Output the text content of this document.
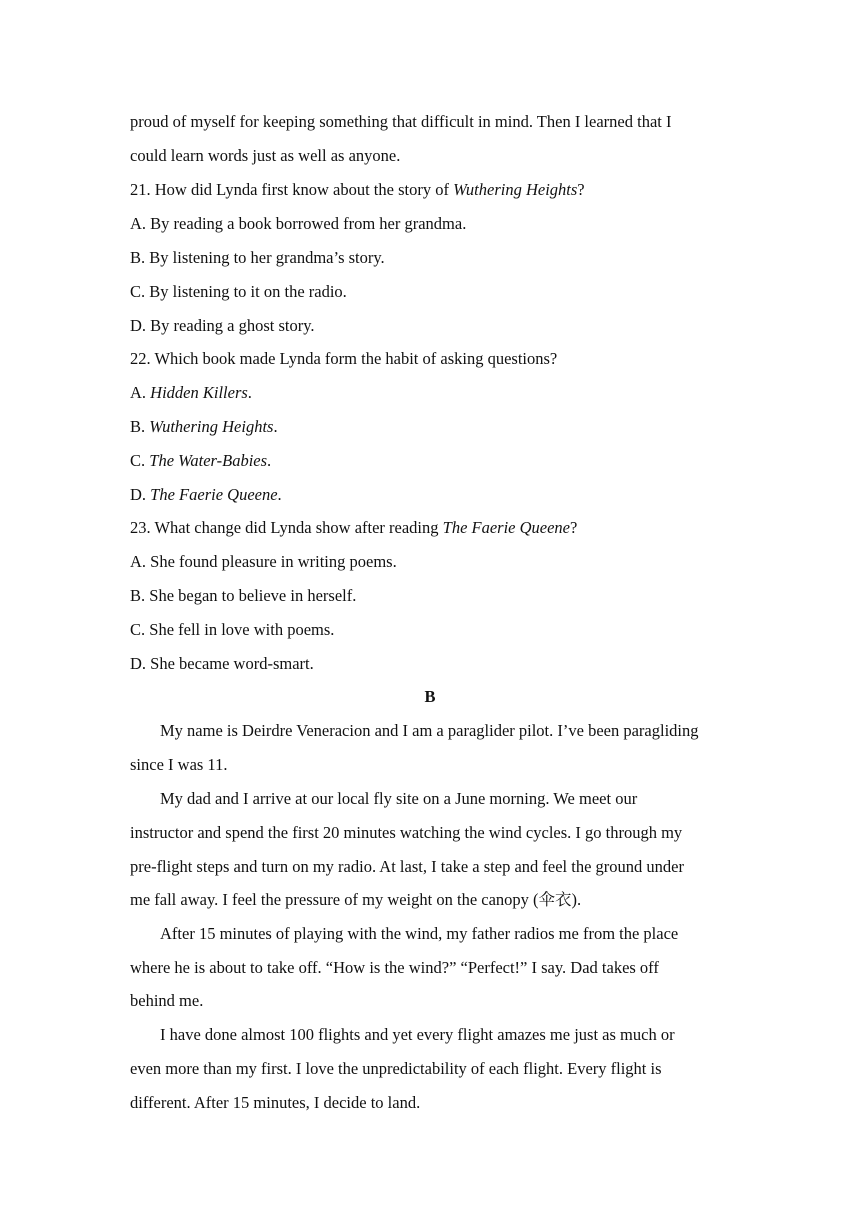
proud of myself for keeping something that difficult in mind. Then I learned that I
could learn words just as well as anyone.
21. How did Lynda first know about the story of Wuthering Heights?
A. By reading a book borrowed from her grandma.
B. By listening to her grandma’s story.
C. By listening to it on the radio.
D. By reading a ghost story.
22. Which book made Lynda form the habit of asking questions?
A. Hidden Killers.
B. Wuthering Heights.
C. The Water-Babies.
D. The Faerie Queene.
23. What change did Lynda show after reading The Faerie Queene?
A. She found pleasure in writing poems.
B. She began to believe in herself.
C. She fell in love with poems.
D. She became word-smart.
B
My name is Deirdre Veneracion and I am a paraglider pilot. I’ve been paragliding
since I was 11.
My dad and I arrive at our local fly site on a June morning. We meet our
instructor and spend the first 20 minutes watching the wind cycles. I go through my
pre-flight steps and turn on my radio. At last, I take a step and feel the ground under
me fall away. I feel the pressure of my weight on the canopy (伞衣).
After 15 minutes of playing with the wind, my father radios me from the place
where he is about to take off. “How is the wind?” “Perfect!” I say. Dad takes off
behind me.
I have done almost 100 flights and yet every flight amazes me just as much or
even more than my first. I love the unpredictability of each flight. Every flight is
different. After 15 minutes, I decide to land.
